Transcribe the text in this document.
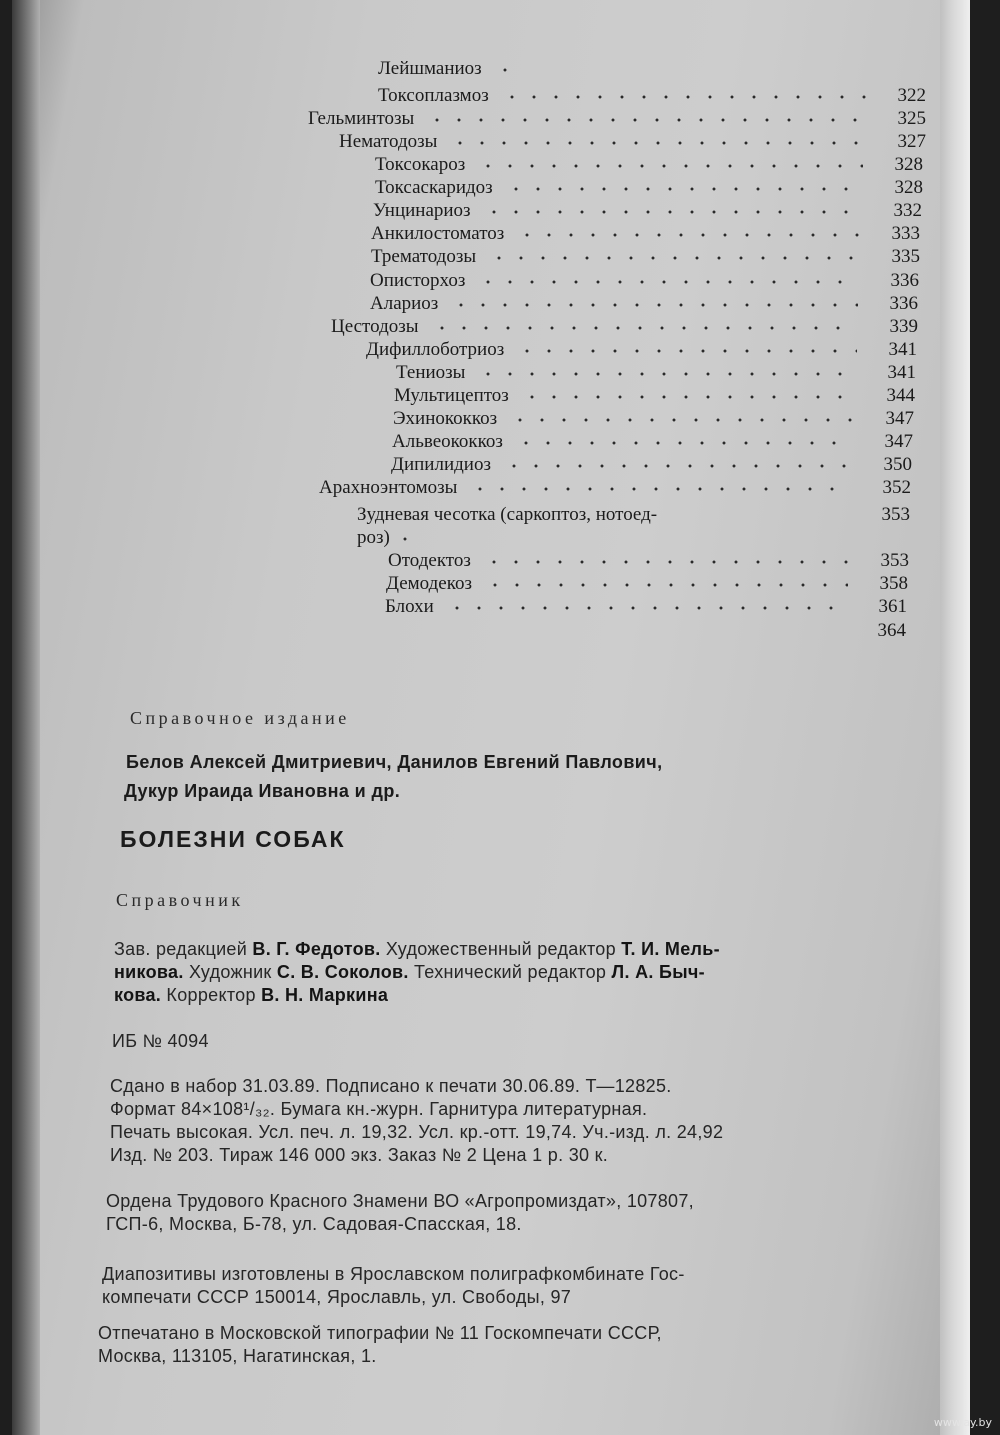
Лейшманиоз
Токсоплазмоз	322
Гельминтозы	325
Нематодозы	327
Токсокароз	328
Токсаскаридоз	328
Унцинариоз	332
Анкилостоматоз	333
Трематодозы	335
Описторхоз	336
Алариоз	336
Цестодозы	339
Дифиллоботриоз	341
Тениозы	341
Мультицептоз	344
Эхинококкоз	347
Альвеококкоз	347
Дипилидиоз	350
Арахноэнтомозы	352
Зудневая чесотка (саркоптоз, нотоед-	353
роз)
Отодектоз	353
Демодекоз	358
Блохи	361
364
Справочное издание
Белов Алексей Дмитриевич, Данилов Евгений Павлович,
Дукур Ираида Ивановна и др.
БОЛЕЗНИ СОБАК
Справочник
Зав. редакцией В. Г. Федотов. Художественный редактор Т. И. Мель-
никова. Художник С. В. Соколов. Технический редактор Л. А. Быч-
кова. Корректор В. Н. Маркина
ИБ № 4094
Сдано в набор 31.03.89. Подписано к печати 30.06.89. Т—12825.
Формат 84×108¹/₃₂. Бумага кн.-журн. Гарнитура литературная.
Печать высокая. Усл. печ. л. 19,32. Усл. кр.-отт. 19,74. Уч.-изд. л. 24,92
Изд. № 203. Тираж 146 000 экз. Заказ № 2 Цена 1 р. 30 к.
Ордена Трудового Красного Знамени ВО «Агропромиздат», 107807,
ГСП-6, Москва, Б-78, ул. Садовая-Спасская, 18.
Диапозитивы изготовлены в Ярославском полиграфкомбинате Гос-
компечати СССР 150014, Ярославль, ул. Свободы, 97
Отпечатано в Московской типографии № 11 Госкомпечати СССР,
Москва, 113105, Нагатинская, 1.
www.ay.by
